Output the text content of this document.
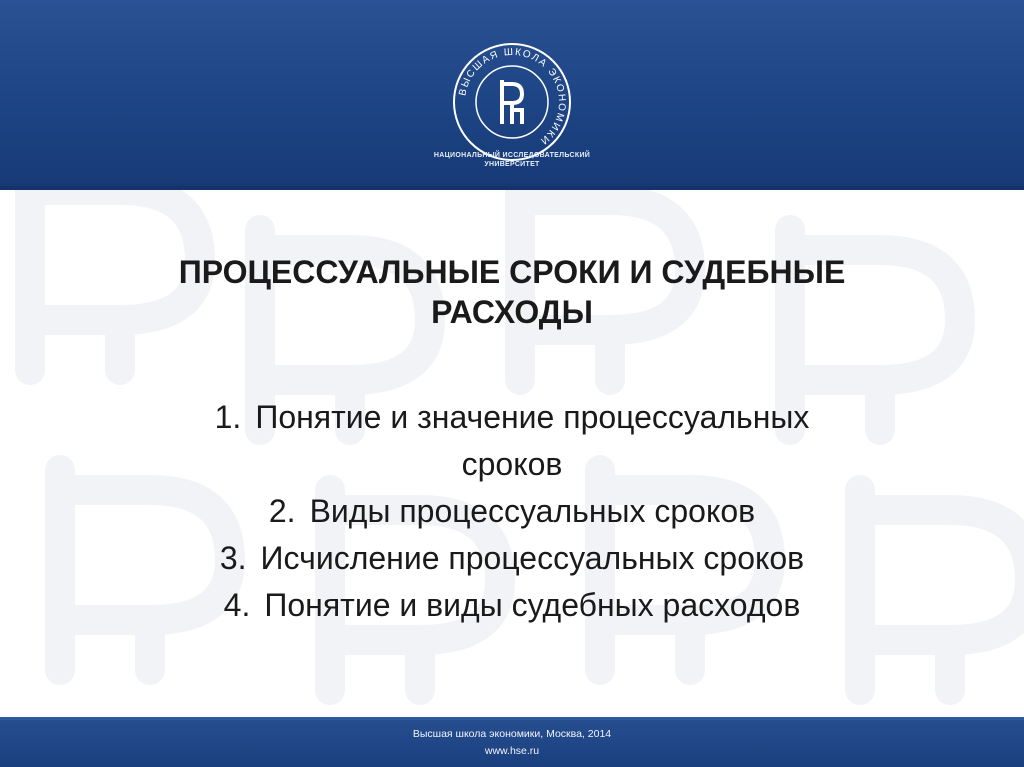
ВЫСШАЯ ШКОЛА ЭКОНОМИКИ
НАЦИОНАЛЬНЫЙ ИССЛЕДОВАТЕЛЬСКИЙ
УНИВЕРСИТЕТ
ПРОЦЕССУАЛЬНЫЕ СРОКИ И СУДЕБНЫЕ
РАСХОДЫ
1. Понятие и значение процессуальных
сроков
2. Виды процессуальных сроков
3. Исчисление процессуальных сроков
4. Понятие и виды судебных расходов
Высшая школа экономики, Москва, 2014
www.hse.ru
